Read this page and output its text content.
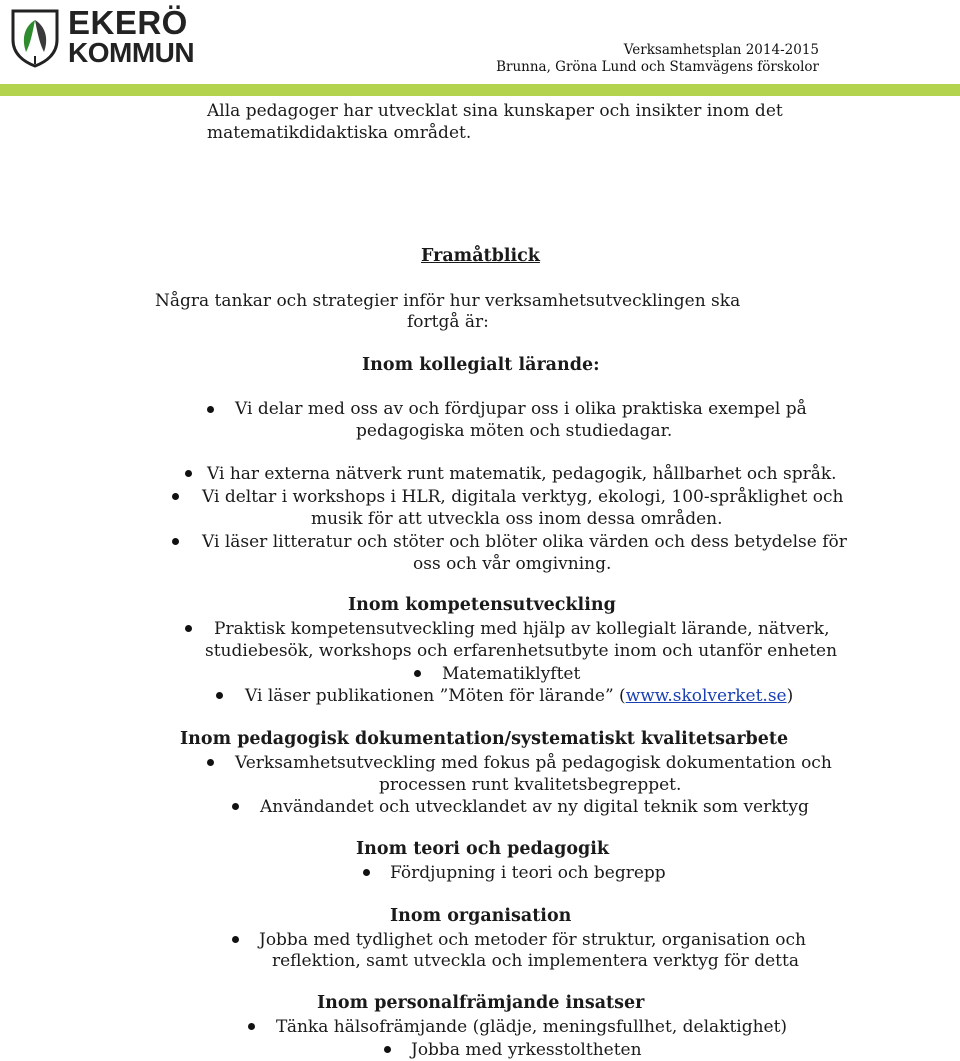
EKERÖ
KOMMUN	Verksamhetsplan 2014-2015
Brunna, Gröna Lund och Stamvägens förskolor
Alla pedagoger har utvecklat sina kunskaper och insikter inom det
matematikdidaktiska området.
Framåtblick
Några tankar och strategier inför hur verksamhetsutvecklingen ska
fortgå är:
Inom kollegialt lärande:
Vi delar med oss av och fördjupar oss i olika praktiska exempel på
pedagogiska möten och studiedagar.
Vi har externa nätverk runt matematik, pedagogik, hållbarhet och språk.
Vi deltar i workshops i HLR, digitala verktyg, ekologi, 100-språklighet och
musik för att utveckla oss inom dessa områden.
Vi läser litteratur och stöter och blöter olika värden och dess betydelse för
oss och vår omgivning.
Inom kompetensutveckling
Praktisk kompetensutveckling med hjälp av kollegialt lärande, nätverk,
studiebesök, workshops och erfarenhetsutbyte inom och utanför enheten
Matematiklyftet
Vi läser publikationen ”Möten för lärande” (www.skolverket.se)
Inom pedagogisk dokumentation/systematiskt kvalitetsarbete
Verksamhetsutveckling med fokus på pedagogisk dokumentation och
processen runt kvalitetsbegreppet.
Användandet och utvecklandet av ny digital teknik som verktyg
Inom teori och pedagogik
Fördjupning i teori och begrepp
Inom organisation
Jobba med tydlighet och metoder för struktur, organisation och
reflektion, samt utveckla och implementera verktyg för detta
Inom personalfrämjande insatser
Tänka hälsofrämjande (glädje, meningsfullhet, delaktighet)
Jobba med yrkesstoltheten
